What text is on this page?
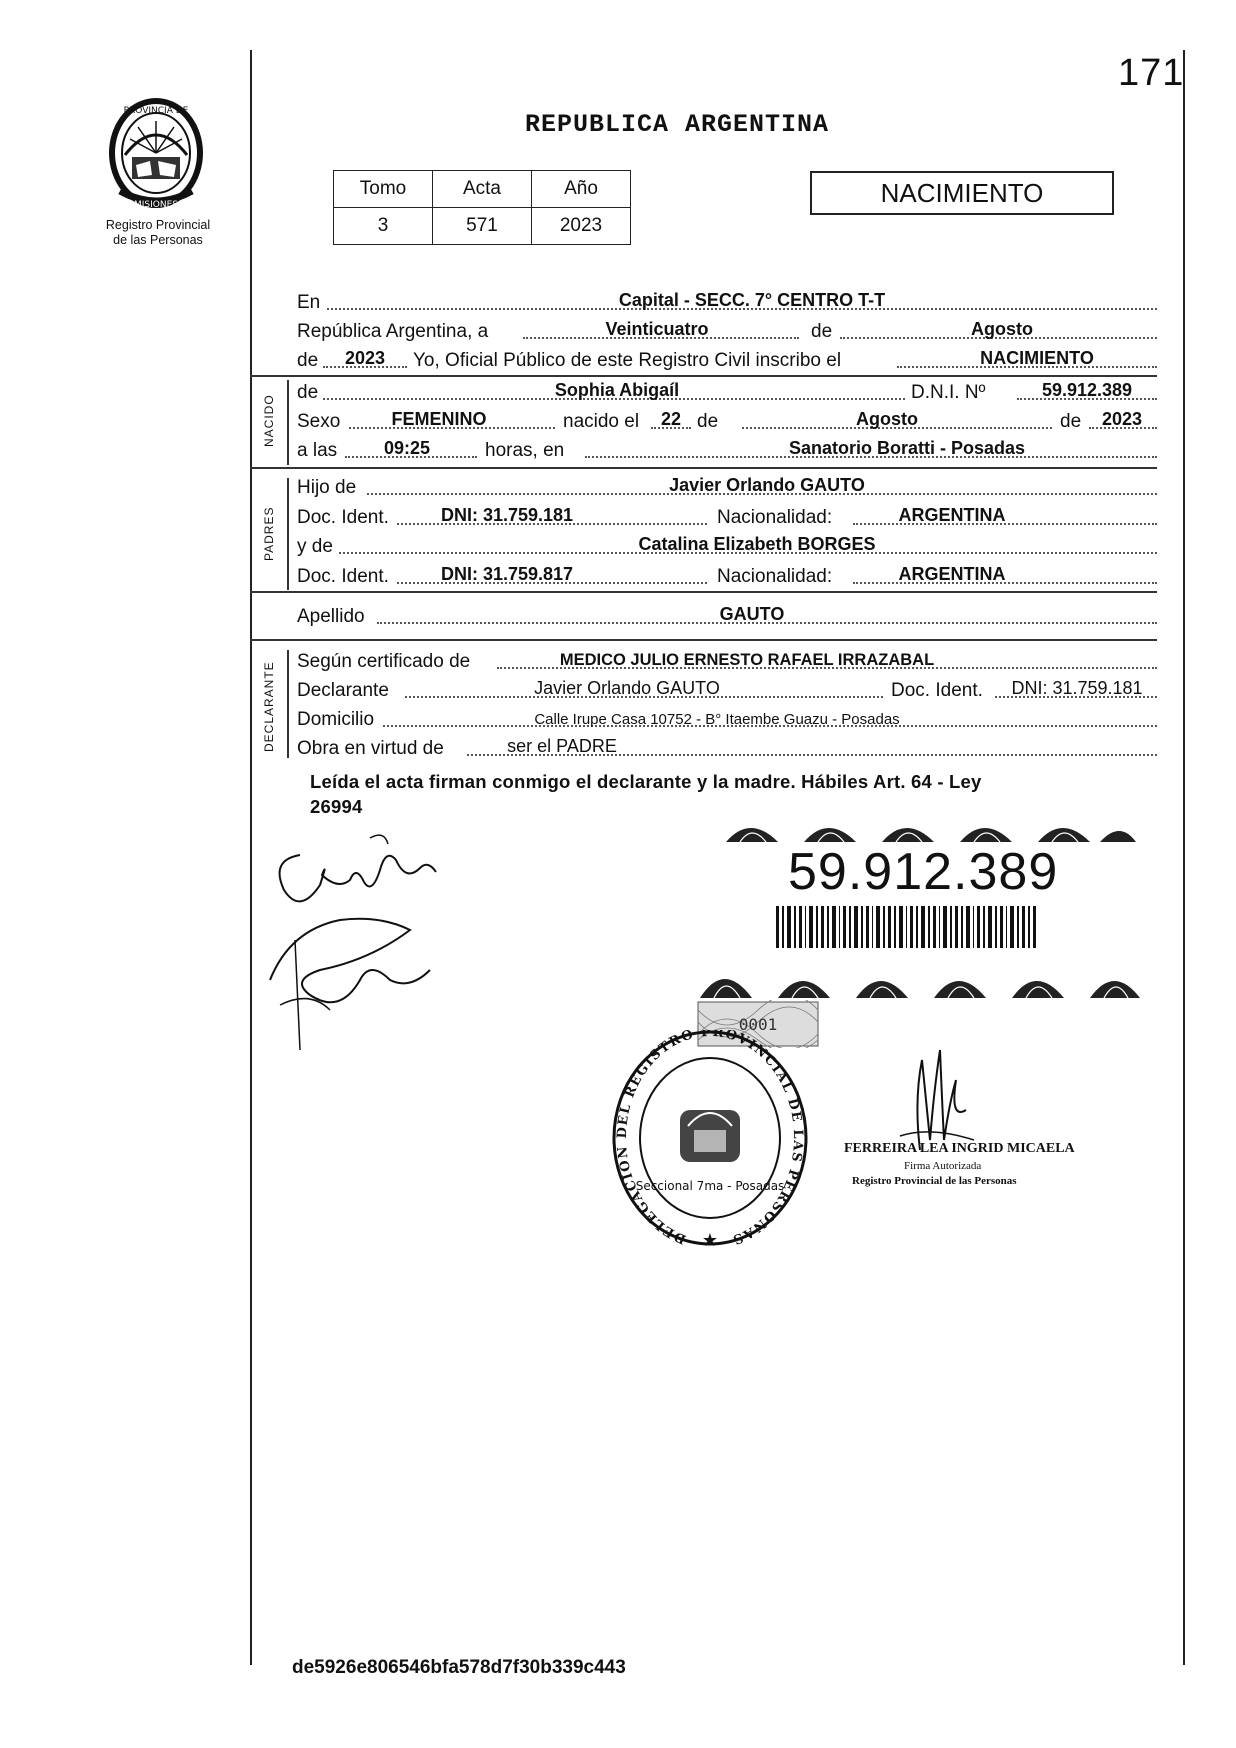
171
PROVINCIA DE
MISIONES
Registro Provincial
de las Personas
REPUBLICA ARGENTINA
Tomo	Acta	Año
3	571	2023
NACIMIENTO
En	Capital - SECC. 7° CENTRO T-T
República Argentina, a	Veinticuatro	de	Agosto
de	2023	Yo, Oficial Público de este Registro Civil inscribo el	NACIMIENTO
NACIDO
de	Sophia Abigaíl	D.N.I. Nº	59.912.389
Sexo	FEMENINO	nacido el	22 de	Agosto	de	2023
a las	09:25	horas, en	Sanatorio Boratti - Posadas
PADRES
Hijo de	Javier Orlando GAUTO
Doc. Ident.	DNI: 31.759.181	Nacionalidad:	ARGENTINA
y de	Catalina Elizabeth BORGES
Doc. Ident.	DNI: 31.759.817	Nacionalidad:	ARGENTINA
Apellido	GAUTO
DECLARANTE Según certificado de	MEDICO JULIO ERNESTO RAFAEL IRRAZABAL
Declarante	Javier Orlando GAUTO	Doc. Ident.	DNI: 31.759.181
Domicilio	Calle Irupe Casa 10752 - B° Itaembe Guazu - Posadas
Obra en virtud de	ser el PADRE
Leída el acta firman conmigo el declarante y la madre. Hábiles Art. 64 - Ley
26994
59.912.389
0001
DELEGACION DEL REGISTRO PROVINCIAL DE LAS PERSONAS
Seccional 7ma - Posadas
★
FERREIRA LEA INGRID MICAELA
Firma Autorizada
Registro Provincial de las Personas
de5926e806546bfa578d7f30b339c443
